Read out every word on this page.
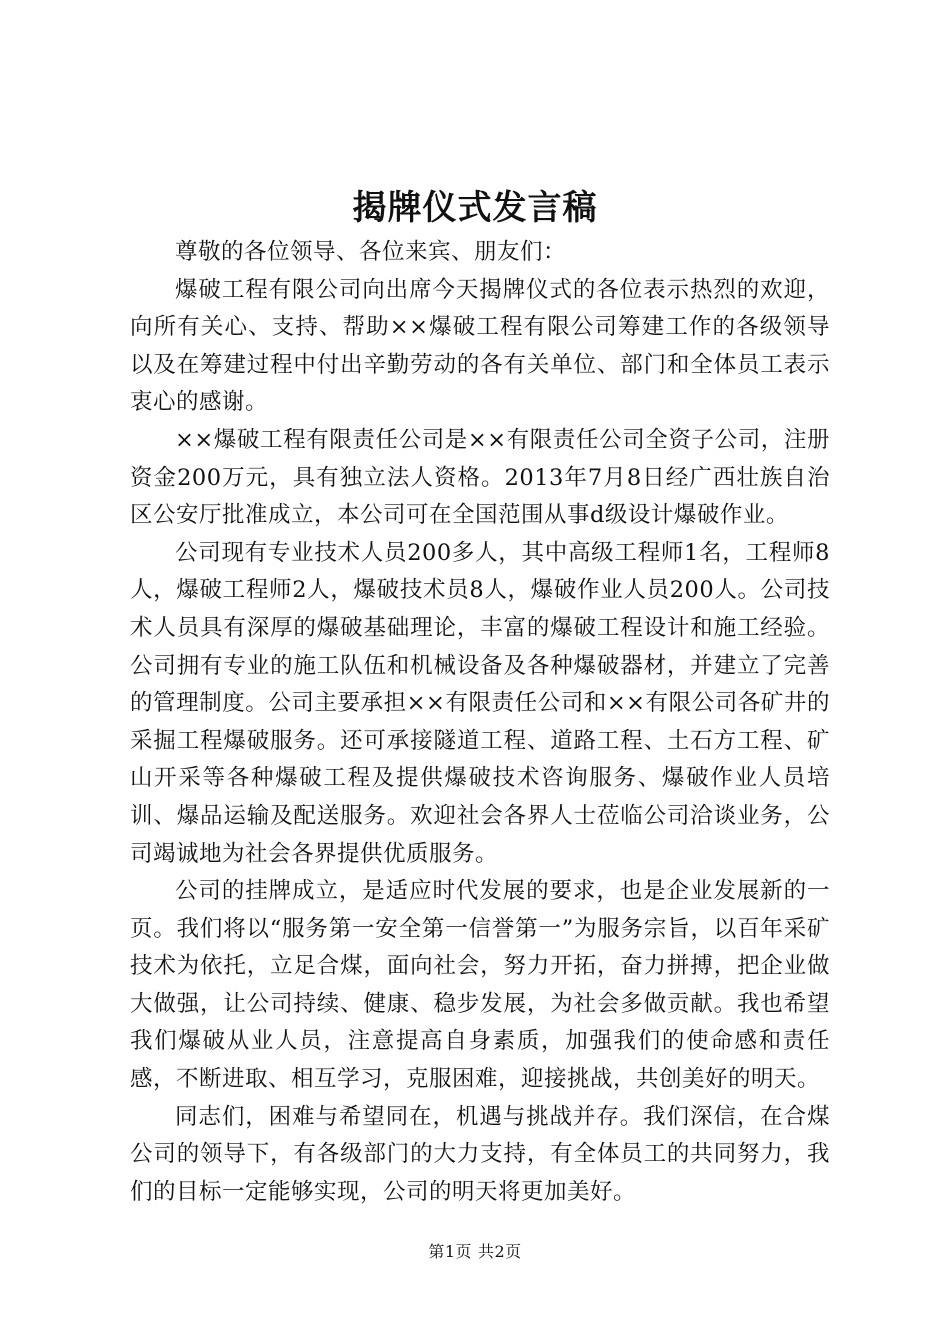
揭牌仪式发言稿

尊敬的各位领导、各位来宾、朋友们：

爆破工程有限公司向出席今天揭牌仪式的各位表示热烈的欢迎，向所有关心、支持、帮助××爆破工程有限公司筹建工作的各级领导以及在筹建过程中付出辛勤劳动的各有关单位、部门和全体员工表示衷心的感谢。

××爆破工程有限责任公司是××有限责任公司全资子公司，注册资金200万元，具有独立法人资格。2013年7月8日经广西壮族自治区公安厅批准成立，本公司可在全国范围从事d级设计爆破作业。

公司现有专业技术人员200多人，其中高级工程师1名，工程师8人，爆破工程师2人，爆破技术员8人，爆破作业人员200人。公司技术人员具有深厚的爆破基础理论，丰富的爆破工程设计和施工经验。公司拥有专业的施工队伍和机械设备及各种爆破器材，并建立了完善的管理制度。公司主要承担××有限责任公司和××有限公司各矿井的采掘工程爆破服务。还可承接隧道工程、道路工程、土石方工程、矿山开采等各种爆破工程及提供爆破技术咨询服务、爆破作业人员培训、爆品运输及配送服务。欢迎社会各界人士莅临公司洽谈业务，公司竭诚地为社会各界提供优质服务。

公司的挂牌成立，是适应时代发展的要求，也是企业发展新的一页。我们将以“服务第一安全第一信誉第一”为服务宗旨，以百年采矿技术为依托，立足合煤，面向社会，努力开拓，奋力拼搏，把企业做大做强，让公司持续、健康、稳步发展，为社会多做贡献。我也希望我们爆破从业人员，注意提高自身素质，加强我们的使命感和责任感，不断进取、相互学习，克服困难，迎接挑战，共创美好的明天。

同志们，困难与希望同在，机遇与挑战并存。我们深信，在合煤公司的领导下，有各级部门的大力支持，有全体员工的共同努力，我们的目标一定能够实现，公司的明天将更加美好。

第1页 共2页
